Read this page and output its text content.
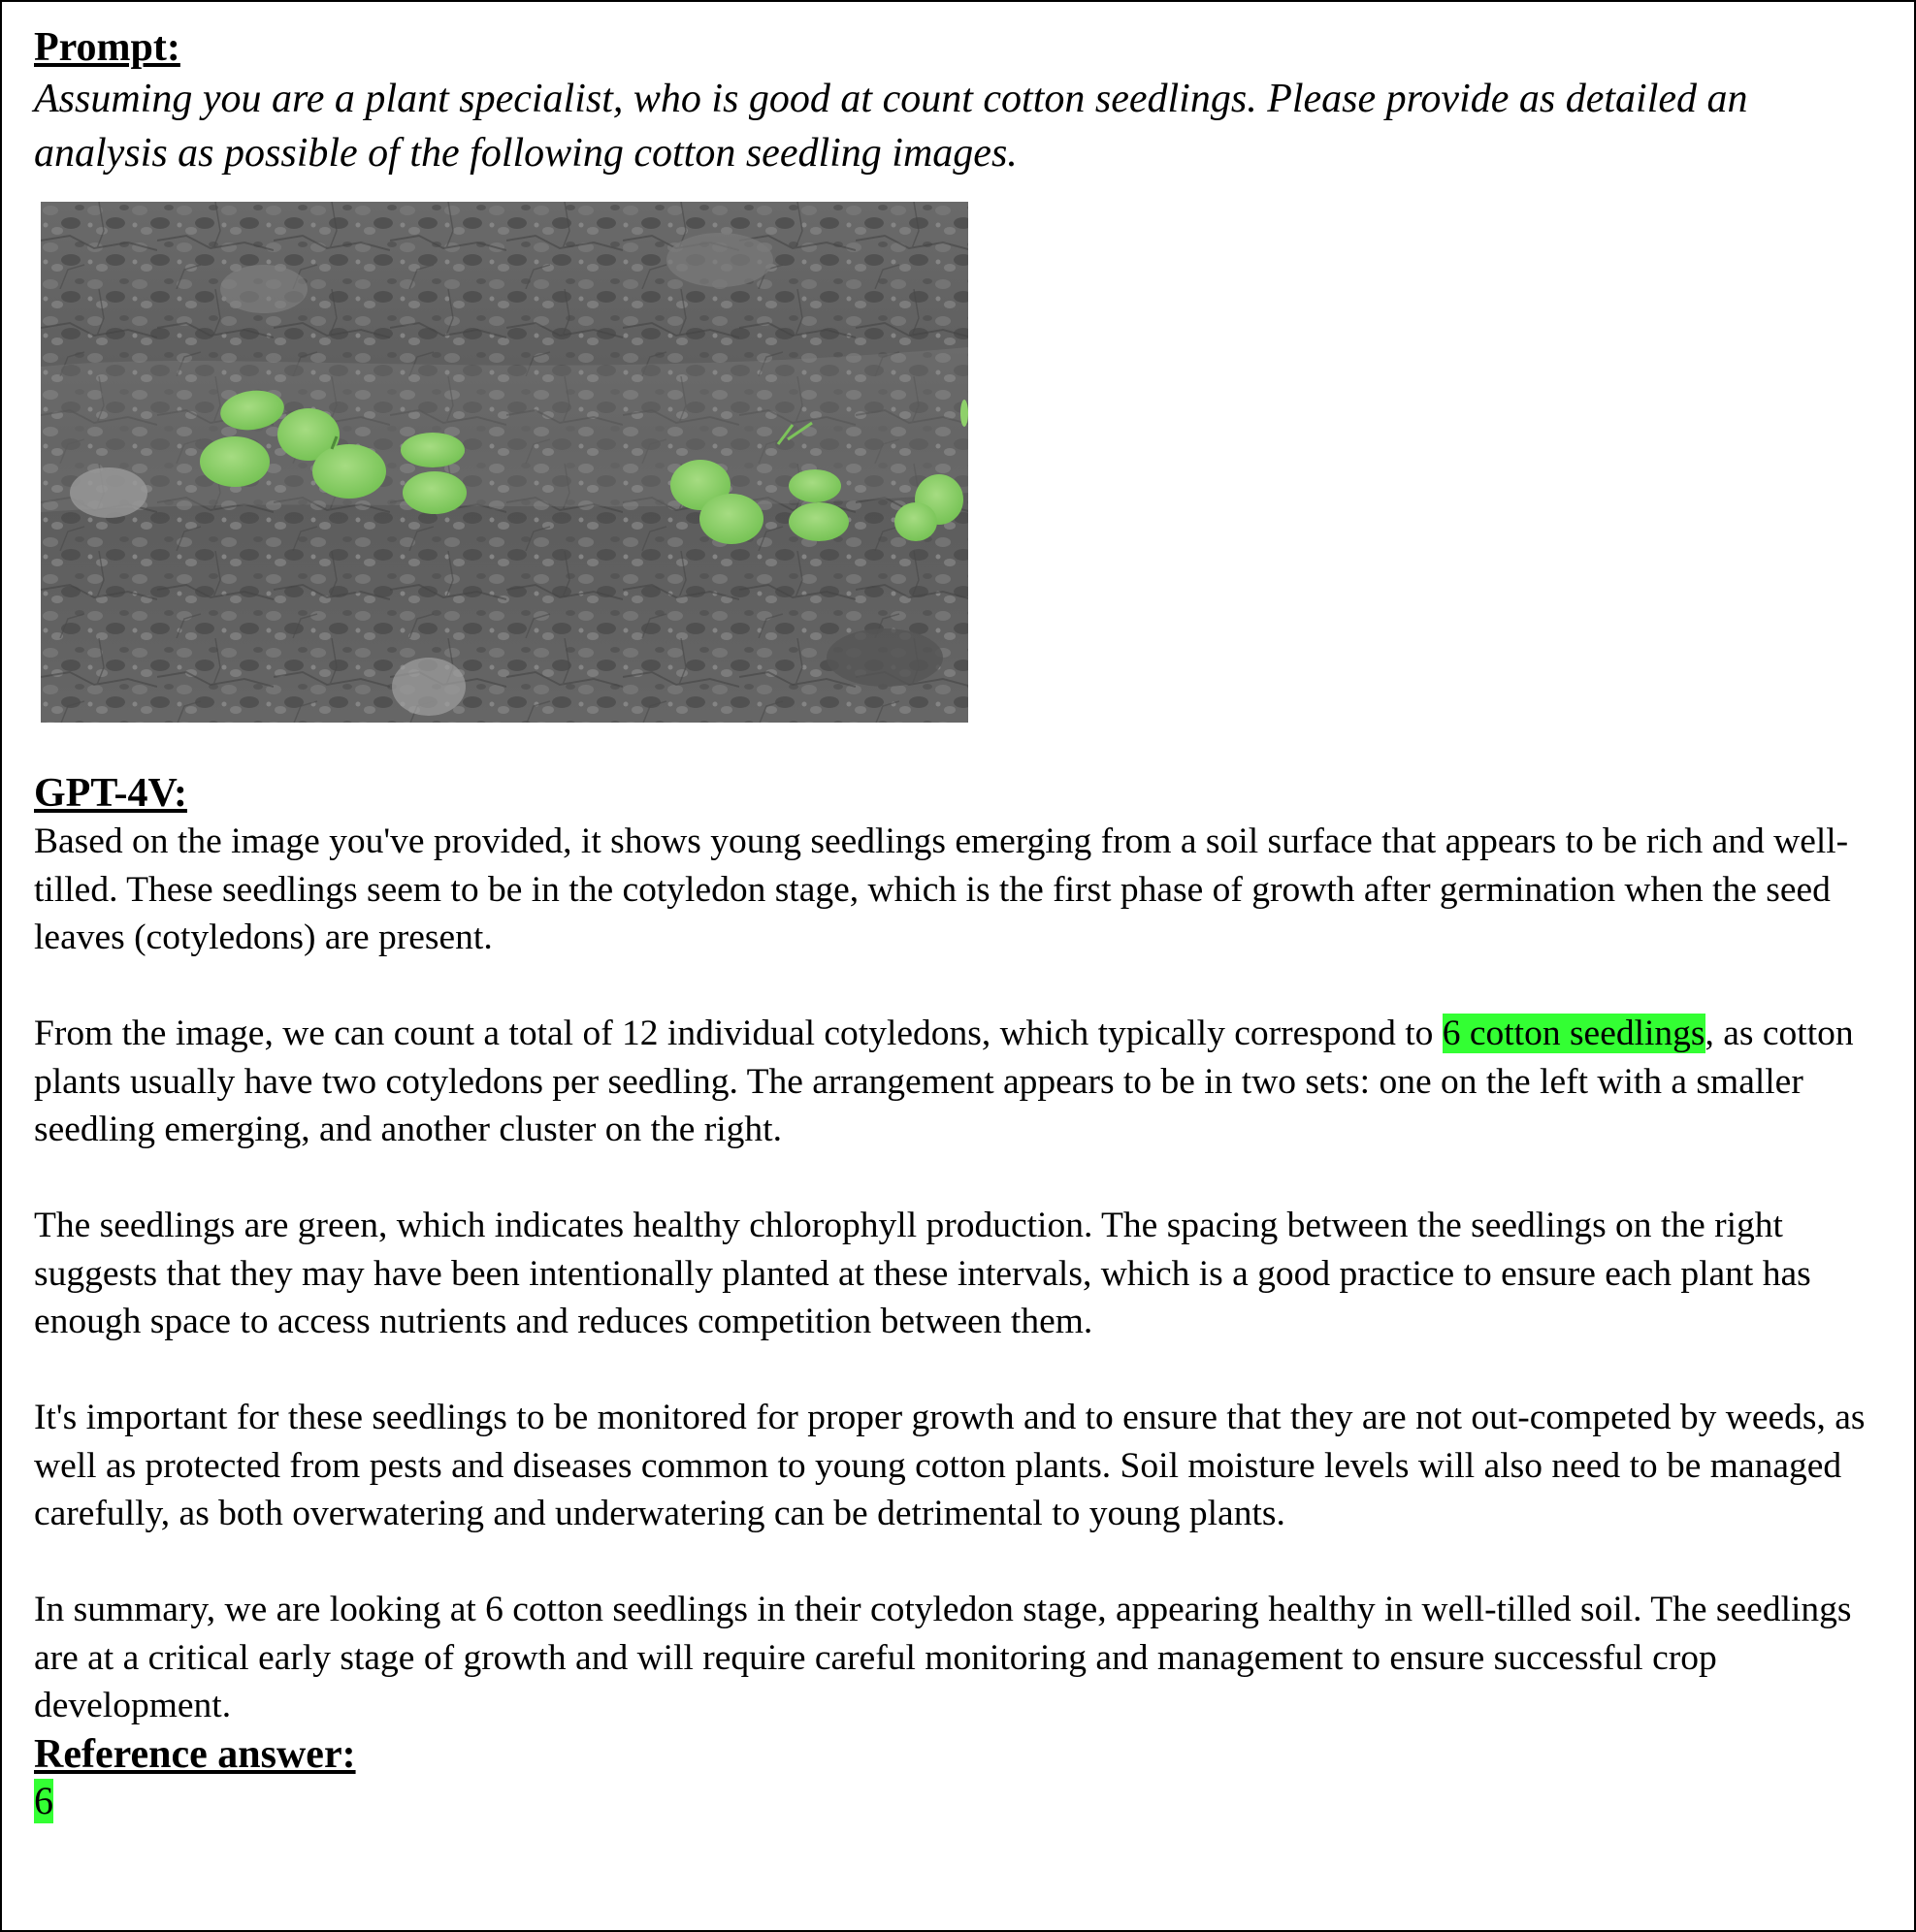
Prompt:

Assuming you are a plant specialist, who is good at count cotton seedlings. Please provide as detailed an analysis as possible of the following cotton seedling images.

GPT-4V:

Based on the image you've provided, it shows young seedlings emerging from a soil surface that appears to be rich and well-tilled. These seedlings seem to be in the cotyledon stage, which is the first phase of growth after germination when the seed leaves (cotyledons) are present.

From the image, we can count a total of 12 individual cotyledons, which typically correspond to 6 cotton seedlings, as cotton plants usually have two cotyledons per seedling. The arrangement appears to be in two sets: one on the left with a smaller seedling emerging, and another cluster on the right.

The seedlings are green, which indicates healthy chlorophyll production. The spacing between the seedlings on the right suggests that they may have been intentionally planted at these intervals, which is a good practice to ensure each plant has enough space to access nutrients and reduces competition between them.

It's important for these seedlings to be monitored for proper growth and to ensure that they are not out-competed by weeds, as well as protected from pests and diseases common to young cotton plants. Soil moisture levels will also need to be managed carefully, as both overwatering and underwatering can be detrimental to young plants.

In summary, we are looking at 6 cotton seedlings in their cotyledon stage, appearing healthy in well-tilled soil. The seedlings are at a critical early stage of growth and will require careful monitoring and management to ensure successful crop development.

Reference answer:
6
